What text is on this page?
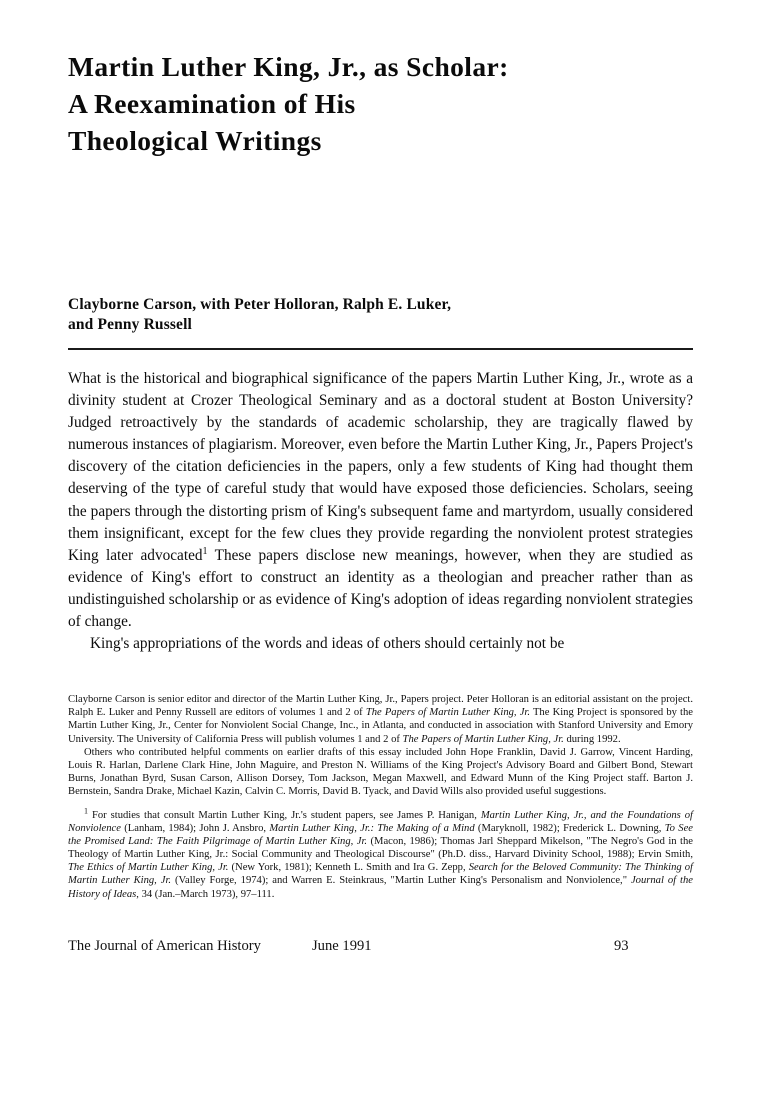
Martin Luther King, Jr., as Scholar:
A Reexamination of His
Theological Writings
Clayborne Carson, with Peter Holloran, Ralph E. Luker,
and Penny Russell

What is the historical and biographical significance of the papers Martin Luther King, Jr., wrote as a divinity student at Crozer Theological Seminary and as a doctoral student at Boston University? Judged retroactively by the standards of academic scholarship, they are tragically flawed by numerous instances of plagiarism. Moreover, even before the Martin Luther King, Jr., Papers Project's discovery of the citation deficiencies in the papers, only a few students of King had thought them deserving of the type of careful study that would have exposed those deficiencies. Scholars, seeing the papers through the distorting prism of King's subsequent fame and martyrdom, usually considered them insignificant, except for the few clues they provide regarding the nonviolent protest strategies King later advocated$^1$ These papers disclose new meanings, however, when they are studied as evidence of King's effort to construct an identity as a theologian and preacher rather than as undistinguished scholarship or as evidence of King's adoption of ideas regarding nonviolent strategies of change.

King's appropriations of the words and ideas of others should certainly not be

Clayborne Carson is senior editor and director of the Martin Luther King, Jr., Papers project. Peter Holloran is an editorial assistant on the project. Ralph E. Luker and Penny Russell are editors of volumes 1 and 2 of The Papers of Martin Luther King, Jr. The King Project is sponsored by the Martin Luther King, Jr., Center for Nonviolent Social Change, Inc., in Atlanta, and conducted in association with Stanford University and Emory University. The University of California Press will publish volumes 1 and 2 of The Papers of Martin Luther King, Jr. during 1992.

Others who contributed helpful comments on earlier drafts of this essay included John Hope Franklin, David J. Garrow, Vincent Harding, Louis R. Harlan, Darlene Clark Hine, John Maguire, and Preston N. Williams of the King Project's Advisory Board and Gilbert Bond, Stewart Burns, Jonathan Byrd, Susan Carson, Allison Dorsey, Tom Jackson, Megan Maxwell, and Edward Munn of the King Project staff. Barton J. Bernstein, Sandra Drake, Michael Kazin, Calvin C. Morris, David B. Tyack, and David Wills also provided useful suggestions.

$^1$ For studies that consult Martin Luther King, Jr.'s student papers, see James P. Hanigan, Martin Luther King, Jr., and the Foundations of Nonviolence (Lanham, 1984); John J. Ansbro, Martin Luther King, Jr.: The Making of a Mind (Maryknoll, 1982); Frederick L. Downing, To See the Promised Land: The Faith Pilgrimage of Martin Luther King, Jr. (Macon, 1986); Thomas Jarl Sheppard Mikelson, "The Negro's God in the Theology of Martin Luther King, Jr.: Social Community and Theological Discourse" (Ph.D. diss., Harvard Divinity School, 1988); Ervin Smith, The Ethics of Martin Luther King, Jr. (New York, 1981); Kenneth L. Smith and Ira G. Zepp, Search for the Beloved Community: The Thinking of Martin Luther King, Jr. (Valley Forge, 1974); and Warren E. Steinkraus, "Martin Luther King's Personalism and Nonviolence," Journal of the History of Ideas, 34 (Jan.–March 1973), 97–111.

The Journal of American History	June 1991	93
